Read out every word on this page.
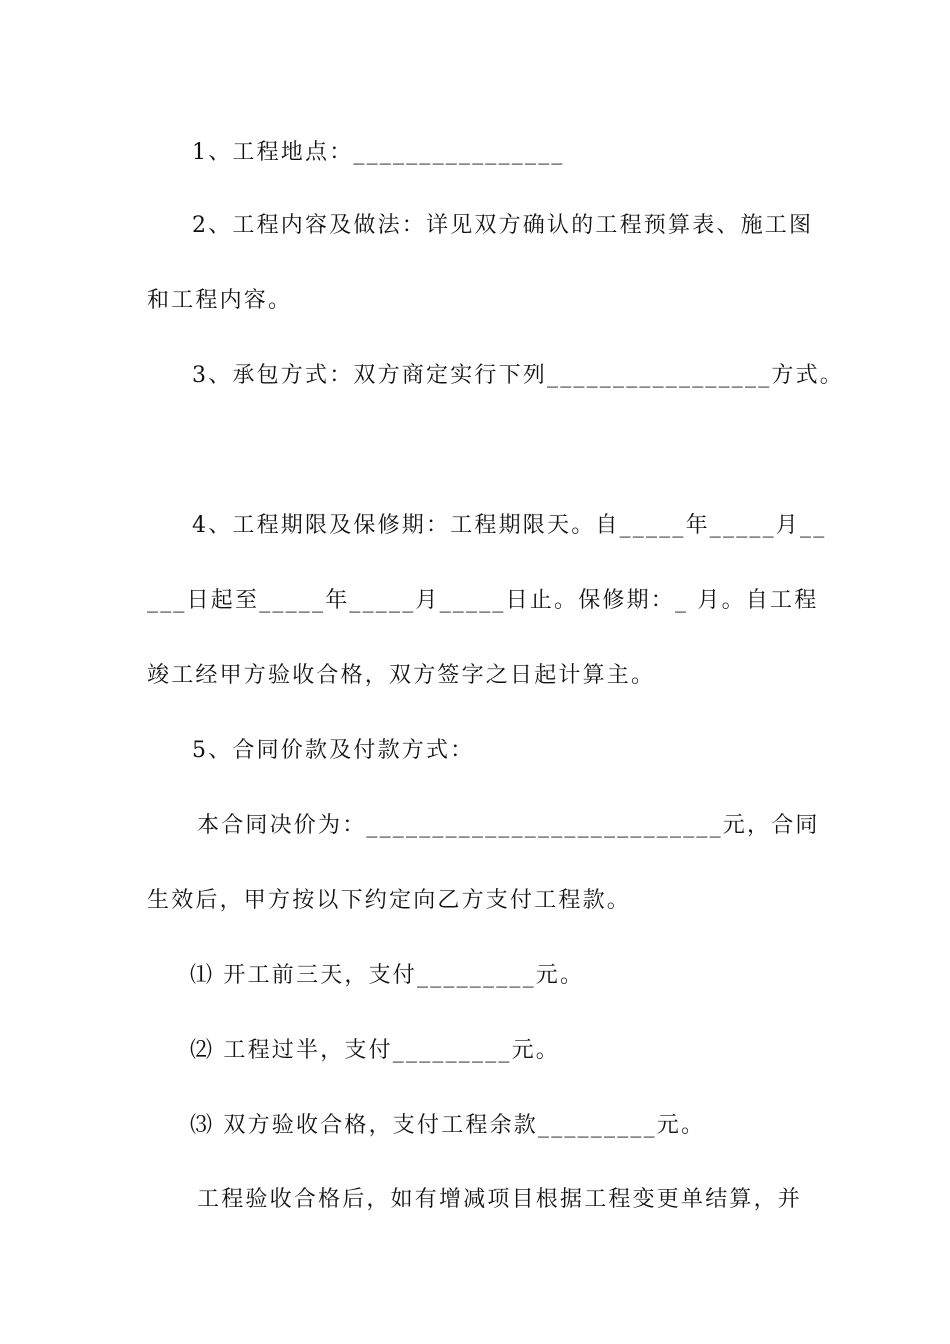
1、工程地点：________________
2、工程内容及做法：详见双方确认的工程预算表、施工图
和工程内容。
3、承包方式：双方商定实行下列_________________方式。
4、工程期限及保修期：工程期限天。自_____年_____月__
___日起至_____年_____月_____日止。保修期：_ 月。自工程
竣工经甲方验收合格，双方签字之日起计算主。
5、合同价款及付款方式：
本合同决价为：___________________________元，合同
生效后，甲方按以下约定向乙方支付工程款。
⑴ 开工前三天，支付_________元。
⑵ 工程过半，支付_________元。
⑶ 双方验收合格，支付工程余款_________元。
工程验收合格后，如有增减项目根据工程变更单结算，并
